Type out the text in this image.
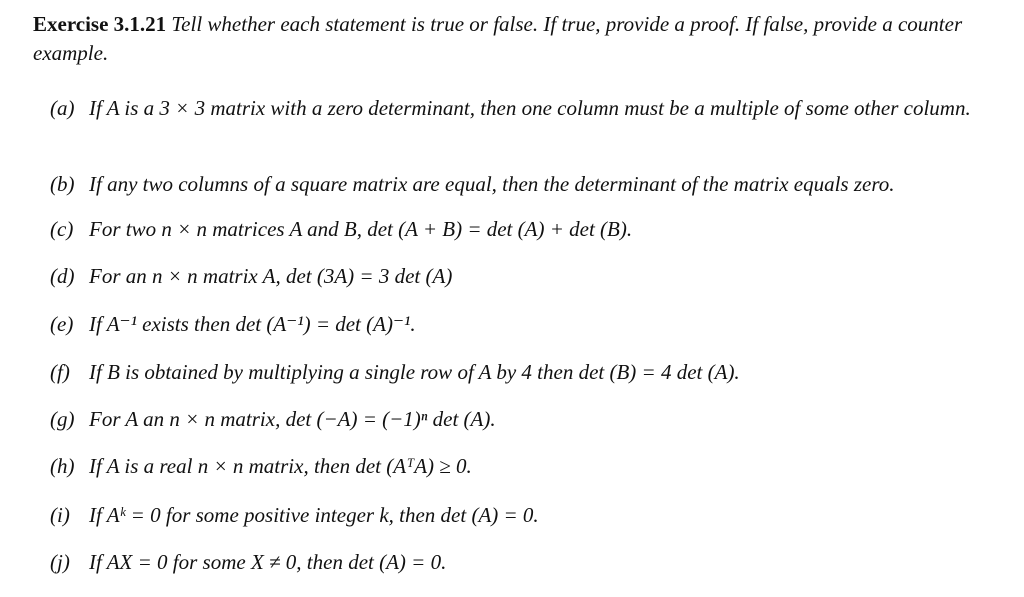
Exercise 3.1.21 Tell whether each statement is true or false. If true, provide a proof. If false, provide a counter example.
(a) If A is a 3 × 3 matrix with a zero determinant, then one column must be a multiple of some other column.
(b) If any two columns of a square matrix are equal, then the determinant of the matrix equals zero.
(c) For two n × n matrices A and B, det (A + B) = det (A) + det (B).
(d) For an n × n matrix A, det (3A) = 3 det (A)
(e) If A⁻¹ exists then det (A⁻¹) = det (A)⁻¹.
(f) If B is obtained by multiplying a single row of A by 4 then det (B) = 4 det (A).
(g) For A an n × n matrix, det (−A) = (−1)ⁿ det (A).
(h) If A is a real n × n matrix, then det (AᵀA) ≥ 0.
(i) If Aᵏ = 0 for some positive integer k, then det (A) = 0.
(j) If AX = 0 for some X ≠ 0, then det (A) = 0.
